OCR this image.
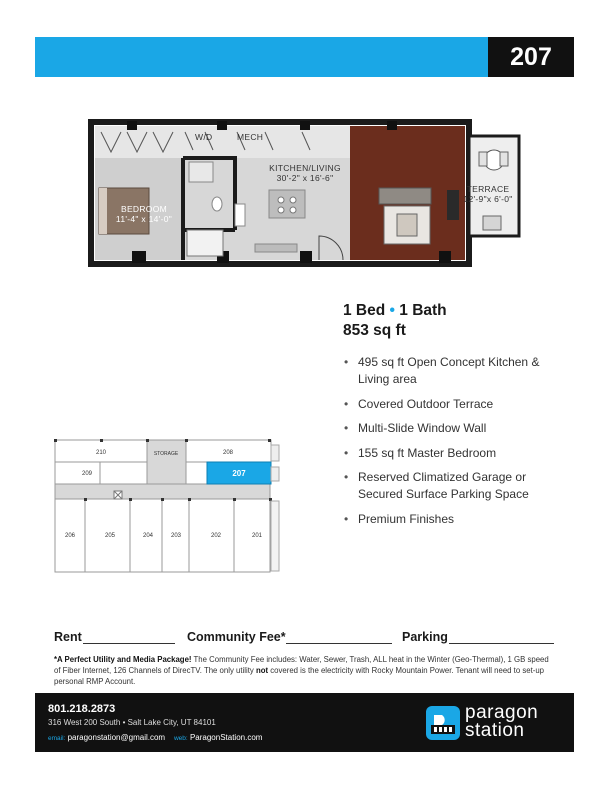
207
W/D	MECH
KITCHEN/LIVING
30'-2" x 16'-6"
BEDROOM
11'-4" x 14'-0"
TERRACE
12'-9"x 6'-0"
1 Bed • 1 Bath
853 sq ft
• 495 sq ft Open Concept Kitchen & Living area
• Covered Outdoor Terrace
• Multi-Slide Window Wall
• 155 sq ft Master Bedroom
• Reserved Climatized Garage or Secured Surface Parking Space
• Premium Finishes
210	208
STORAGE
209	207
206	205	204	203	202	201
Rent	Community Fee*	Parking
*A Perfect Utility and Media Package! The Community Fee includes: Water, Sewer, Trash, ALL heat in the Winter (Geo-Thermal), 1 GB speed of Fiber Internet, 126 Channels of DirecTV. The only utility not covered is the electricity with Rocky Mountain Power. Tenant will need to set-up personal RMP Account.
801.218.2873
316 West 200 South • Salt Lake City, UT 84101
email: paragonstation@gmail.com web: ParagonStation.com
paragon
station
